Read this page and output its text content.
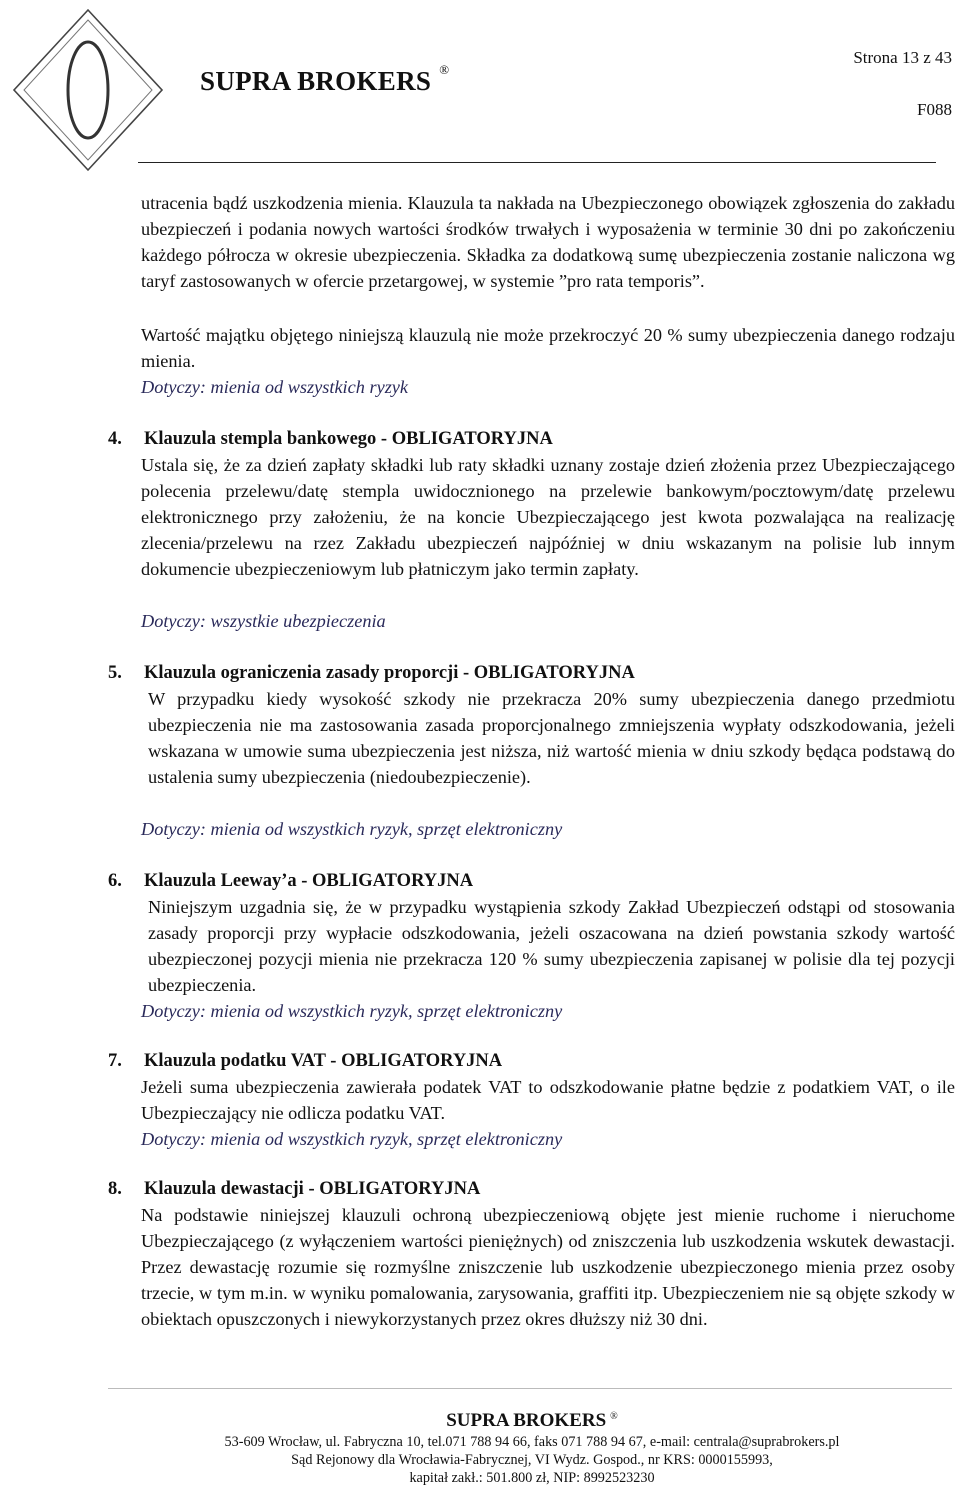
SUPRA BROKERS ®
Strona 13 z 43
F088
utracenia bądź uszkodzenia mienia. Klauzula ta nakłada na Ubezpieczonego obowiązek zgłoszenia do zakładu ubezpieczeń i podania nowych wartości środków trwałych i wyposażenia w terminie 30 dni po zakończeniu każdego półrocza w okresie ubezpieczenia. Składka za dodatkową sumę ubezpieczenia zostanie naliczona wg taryf zastosowanych w ofercie przetargowej, w systemie ”pro rata temporis”.
Wartość majątku objętego niniejszą klauzulą nie może przekroczyć 20 % sumy ubezpieczenia danego rodzaju mienia.
Dotyczy: mienia od wszystkich ryzyk
4. Klauzula stempla bankowego - OBLIGATORYJNA
Ustala się, że za dzień zapłaty składki lub raty składki uznany zostaje dzień złożenia przez Ubezpieczającego polecenia przelewu/datę stempla uwidocznionego na przelewie bankowym/pocztowym/datę przelewu elektronicznego przy założeniu, że na koncie Ubezpieczającego jest kwota pozwalająca na realizację zlecenia/przelewu na rzez Zakładu ubezpieczeń najpóźniej w dniu wskazanym na polisie lub innym dokumencie ubezpieczeniowym lub płatniczym jako termin zapłaty.
Dotyczy: wszystkie ubezpieczenia
5. Klauzula ograniczenia zasady proporcji - OBLIGATORYJNA
W przypadku kiedy wysokość szkody nie przekracza 20% sumy ubezpieczenia danego przedmiotu ubezpieczenia nie ma zastosowania zasada proporcjonalnego zmniejszenia wypłaty odszkodowania, jeżeli wskazana w umowie suma ubezpieczenia jest niższa, niż wartość mienia w dniu szkody będąca podstawą do ustalenia sumy ubezpieczenia (niedoubezpieczenie).
Dotyczy: mienia od wszystkich ryzyk, sprzęt elektroniczny
6. Klauzula Leeway’a - OBLIGATORYJNA
Niniejszym uzgadnia się, że w przypadku wystąpienia szkody Zakład Ubezpieczeń odstąpi od stosowania zasady proporcji przy wypłacie odszkodowania, jeżeli oszacowana na dzień powstania szkody wartość ubezpieczonej pozycji mienia nie przekracza 120 % sumy ubezpieczenia zapisanej w polisie dla tej pozycji ubezpieczenia.
Dotyczy: mienia od wszystkich ryzyk, sprzęt elektroniczny
7. Klauzula podatku VAT - OBLIGATORYJNA
Jeżeli suma ubezpieczenia zawierała podatek VAT to odszkodowanie płatne będzie z podatkiem VAT, o ile Ubezpieczający nie odlicza podatku VAT.
Dotyczy: mienia od wszystkich ryzyk, sprzęt elektroniczny
8. Klauzula dewastacji - OBLIGATORYJNA
Na podstawie niniejszej klauzuli ochroną ubezpieczeniową objęte jest mienie ruchome i nieruchome Ubezpieczającego (z wyłączeniem wartości pieniężnych) od zniszczenia lub uszkodzenia wskutek dewastacji. Przez dewastację rozumie się rozmyślne zniszczenie lub uszkodzenie ubezpieczonego mienia przez osoby trzecie, w tym m.in. w wyniku pomalowania, zarysowania, graffiti itp. Ubezpieczeniem nie są objęte szkody w obiektach opuszczonych i niewykorzystanych przez okres dłuższy niż 30 dni.
SUPRA BROKERS ®
53-609 Wrocław, ul. Fabryczna 10, tel.071 788 94 66, faks 071 788 94 67, e-mail: centrala@suprabrokers.pl
Sąd Rejonowy dla Wrocławia-Fabrycznej, VI Wydz. Gospod., nr KRS: 0000155993,
kapitał zakł.: 501.800 zł, NIP: 8992523230
